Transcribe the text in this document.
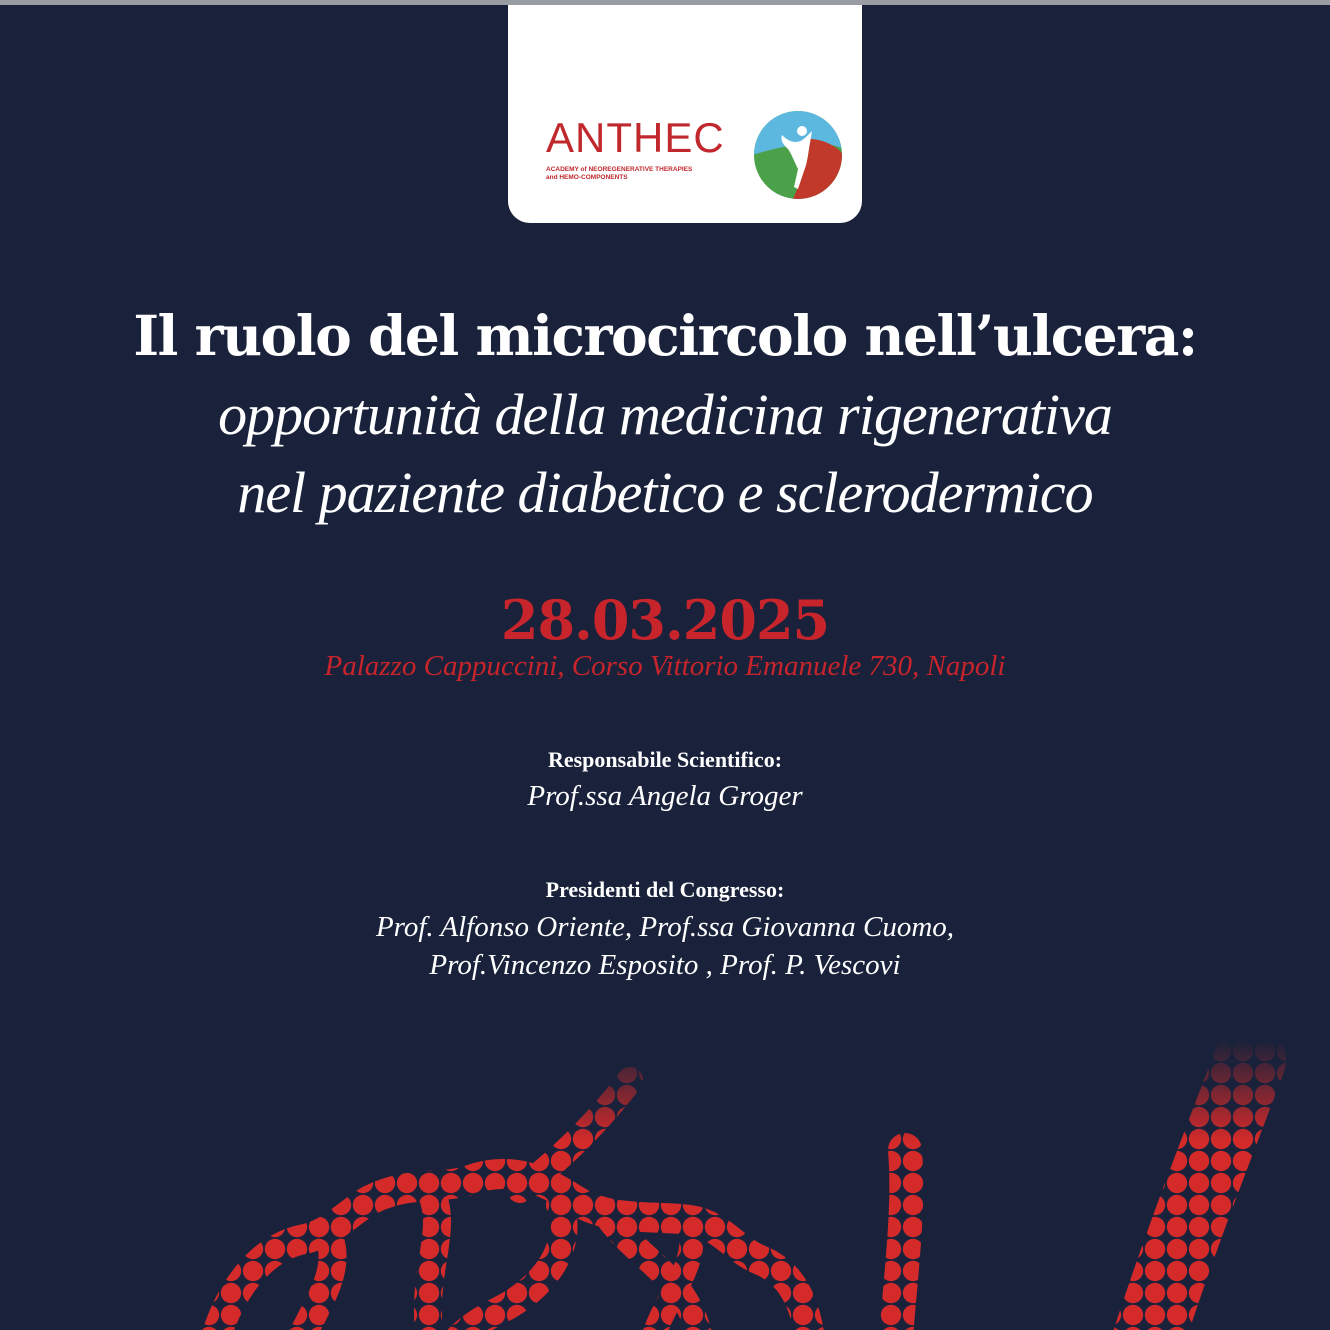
ANTHEC
ACADEMY of NEOREGENERATIVE THERAPIES
and HEMO-COMPONENTS
Il ruolo del microcircolo nell’ulcera:

opportunità della medicina rigenerativa

nel paziente diabetico e sclerodermico

28.03.2025
Palazzo Cappuccini, Corso Vittorio Emanuele 730, Napoli
Responsabile Scientifico:
Prof.ssa Angela Groger
Presidenti del Congresso:
Prof. Alfonso Oriente, Prof.ssa Giovanna Cuomo,
Prof.Vincenzo Esposito , Prof. P. Vescovi
